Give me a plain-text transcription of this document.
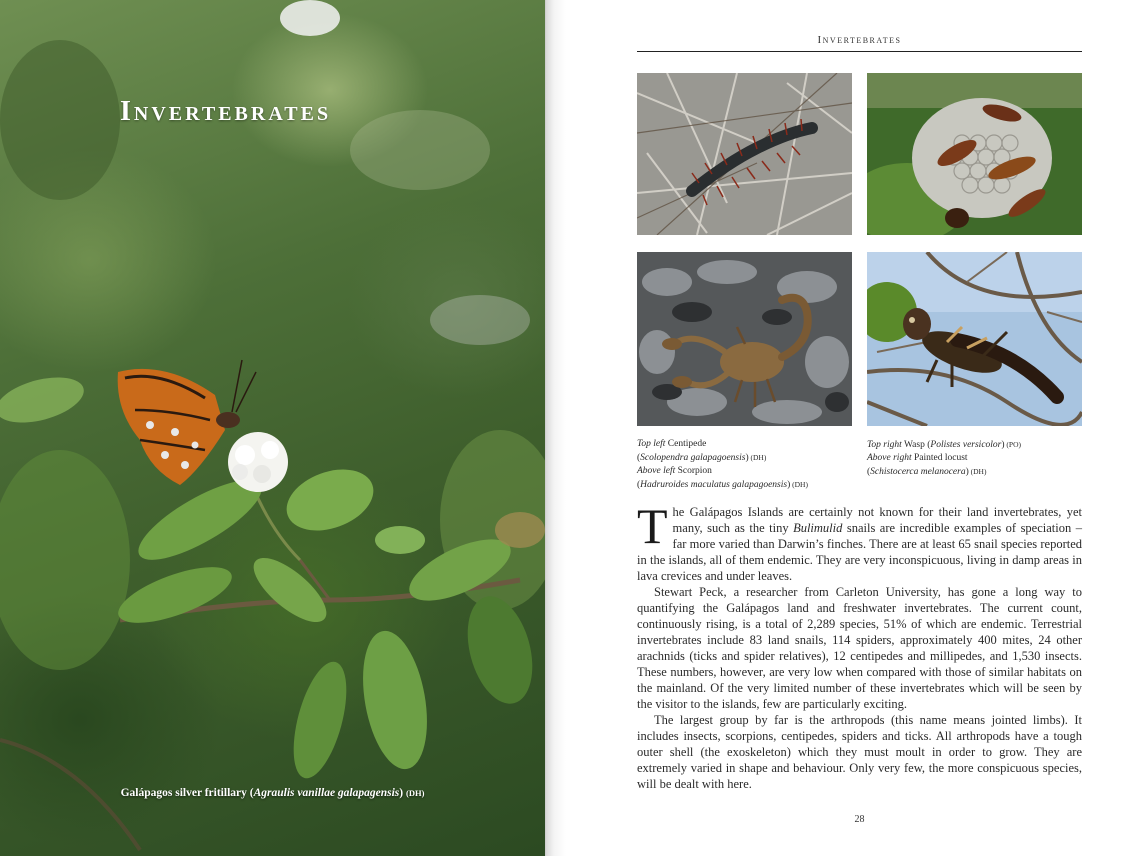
Invertebrates
Galápagos silver fritillary (Agraulis vanillae galapagensis) (DH)
Invertebrates
Top left Centipede
(Scolopendra galapagoensis) (DH)
Above left Scorpion
(Hadruroides maculatus galapagoensis) (DH)
Top right Wasp (Polistes versicolor) (PO)
Above right Painted locust
(Schistocerca melanocera) (DH)

The Galápagos Islands are certainly not known for their land invertebrates, yet many, such as the tiny Bulimulid snails are incredible examples of speciation – far more varied than Darwin’s finches. There are at least 65 snail species reported in the islands, all of them endemic. They are very inconspicuous, living in damp areas in lava crevices and under leaves.

Stewart Peck, a researcher from Carleton University, has gone a long way to quantifying the Galápagos land and freshwater invertebrates. The current count, continuously rising, is a total of 2,289 species, 51% of which are endemic. Terrestrial invertebrates include 83 land snails, 114 spiders, approximately 400 mites, 24 other arachnids (ticks and spider relatives), 12 centipedes and millipedes, and 1,530 insects. These numbers, however, are very low when compared with those of similar habitats on the mainland. Of the very limited number of these invertebrates which will be seen by the visitor to the islands, few are particularly exciting.

The largest group by far is the arthropods (this name means jointed limbs). It includes insects, scorpions, centipedes, spiders and ticks. All arthropods have a tough outer shell (the exoskeleton) which they must moult in order to grow. They are extremely varied in shape and behaviour. Only very few, the more conspicuous species, will be dealt with here.

28
